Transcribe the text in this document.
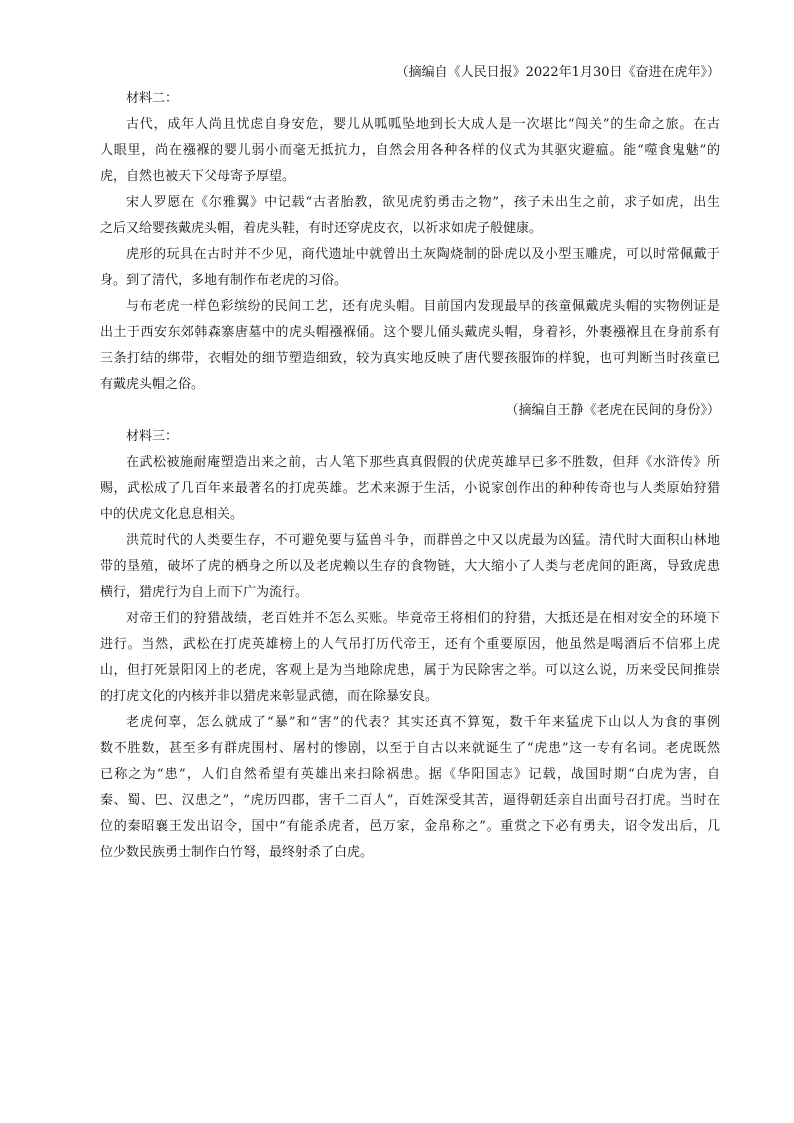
（摘编自《人民日报》2022年1月30日《奋进在虎年》）
材料二：
古代，成年人尚且忧虑自身安危，婴儿从呱呱坠地到长大成人是一次堪比“闯关”的生命之旅。在古
人眼里，尚在襁褓的婴儿弱小而毫无抵抗力，自然会用各种各样的仪式为其驱灾避瘟。能“噬食鬼魅”的
虎，自然也被天下父母寄予厚望。
宋人罗愿在《尔雅翼》中记载“古者胎教，欲见虎豹勇击之物”，孩子未出生之前，求子如虎，出生
之后又给婴孩戴虎头帽，着虎头鞋，有时还穿虎皮衣，以祈求如虎子般健康。
虎形的玩具在古时并不少见，商代遗址中就曾出土灰陶烧制的卧虎以及小型玉雕虎，可以时常佩戴于
身。到了清代，多地有制作布老虎的习俗。
与布老虎一样色彩缤纷的民间工艺，还有虎头帽。目前国内发现最早的孩童佩戴虎头帽的实物例证是
出土于西安东郊韩森寨唐墓中的虎头帽襁褓俑。这个婴儿俑头戴虎头帽，身着衫，外裹襁褓且在身前系有
三条打结的绑带，衣帽处的细节塑造细致，较为真实地反映了唐代婴孩服饰的样貌，也可判断当时孩童已
有戴虎头帽之俗。
（摘编自王静《老虎在民间的身份》）
材料三：
在武松被施耐庵塑造出来之前，古人笔下那些真真假假的伏虎英雄早已多不胜数，但拜《水浒传》所
赐，武松成了几百年来最著名的打虎英雄。艺术来源于生活，小说家创作出的种种传奇也与人类原始狩猎
中的伏虎文化息息相关。
洪荒时代的人类要生存，不可避免要与猛兽斗争，而群兽之中又以虎最为凶猛。清代时大面积山林地
带的垦殖，破坏了虎的栖身之所以及老虎赖以生存的食物链，大大缩小了人类与老虎间的距离，导致虎患
横行，猎虎行为自上而下广为流行。
对帝王们的狩猎战绩，老百姓并不怎么买账。毕竟帝王将相们的狩猎，大抵还是在相对安全的环境下
进行。当然，武松在打虎英雄榜上的人气吊打历代帝王，还有个重要原因，他虽然是喝酒后不信邪上虎
山，但打死景阳冈上的老虎，客观上是为当地除虎患，属于为民除害之举。可以这么说，历来受民间推崇
的打虎文化的内核并非以猎虎来彰显武德，而在除暴安良。
老虎何辜，怎么就成了“暴”和“害”的代表？其实还真不算冤，数千年来猛虎下山以人为食的事例
数不胜数，甚至多有群虎围村、屠村的惨剧，以至于自古以来就诞生了“虎患”这一专有名词。老虎既然
已称之为“患”，人们自然希望有英雄出来扫除祸患。据《华阳国志》记载，战国时期“白虎为害，自
秦、蜀、巴、汉患之”，“虎历四郡，害千二百人”，百姓深受其苦，逼得朝廷亲自出面号召打虎。当时在
位的秦昭襄王发出诏令，国中“有能杀虎者，邑万家，金帛称之”。重赏之下必有勇夫，诏令发出后，几
位少数民族勇士制作白竹弩，最终射杀了白虎。
